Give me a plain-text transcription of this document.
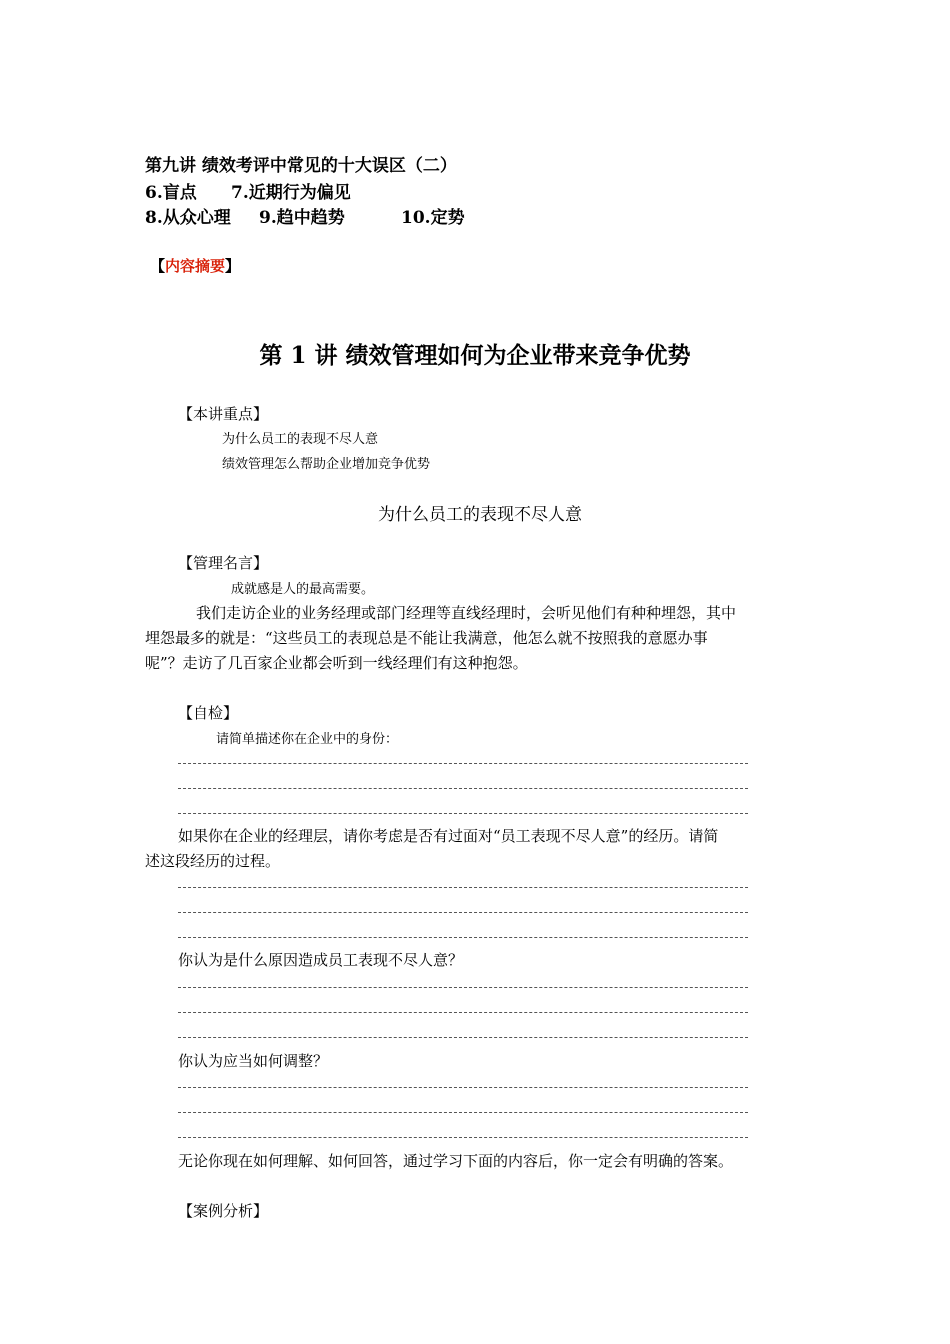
第九讲 绩效考评中常见的十大误区（二）
6.盲点 7.近期行为偏见
8.从众心理 9.趋中趋势	10.定势
【内容摘要】
第 1 讲 绩效管理如何为企业带来竞争优势
【本讲重点】
为什么员工的表现不尽人意
绩效管理怎么帮助企业增加竞争优势
为什么员工的表现不尽人意
【管理名言】
成就感是人的最高需要。
我们走访企业的业务经理或部门经理等直线经理时，会听见他们有种种埋怨，其中
埋怨最多的就是：“这些员工的表现总是不能让我满意，他怎么就不按照我的意愿办事
呢”？走访了几百家企业都会听到一线经理们有这种抱怨。
【自检】
请简单描述你在企业中的身份：
如果你在企业的经理层，请你考虑是否有过面对“员工表现不尽人意”的经历。请简
述这段经历的过程。
你认为是什么原因造成员工表现不尽人意？
你认为应当如何调整？
无论你现在如何理解、如何回答，通过学习下面的内容后，你一定会有明确的答案。
【案例分析】
